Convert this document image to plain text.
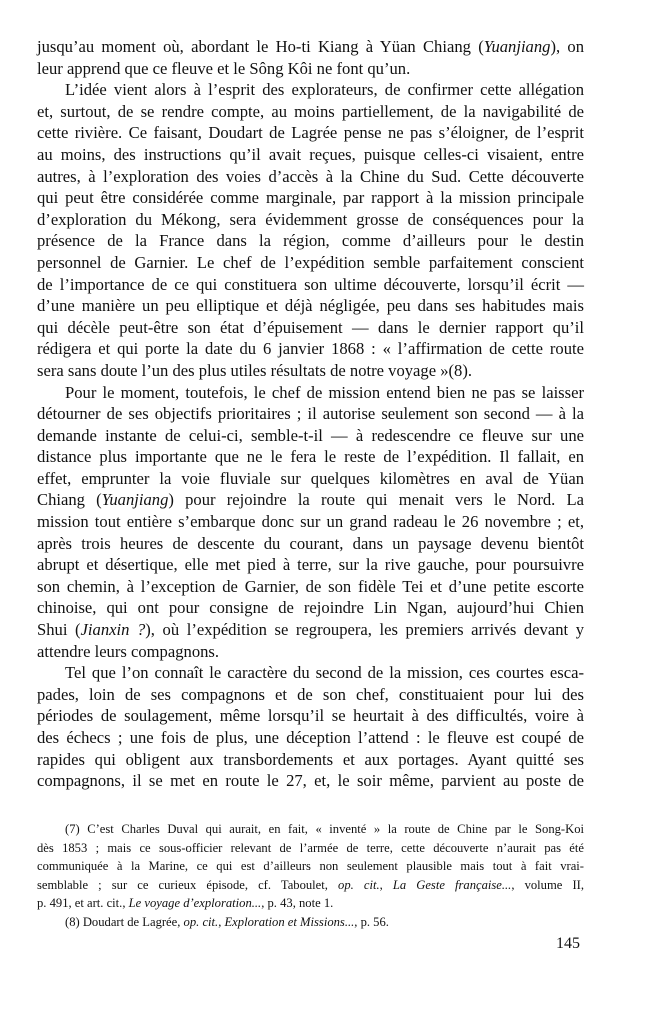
jusqu’au moment où, abordant le Ho-ti Kiang à Yüan Chiang (Yuanjiang), on
leur apprend que ce fleuve et le Sông Kôi ne font qu’un.
L’idée vient alors à l’esprit des explorateurs, de confirmer cette allégation
et, surtout, de se rendre compte, au moins partiellement, de la navigabilité de
cette rivière. Ce faisant, Doudart de Lagrée pense ne pas s’éloigner, de l’esprit
au moins, des instructions qu’il avait reçues, puisque celles-ci visaient, entre
autres, à l’exploration des voies d’accès à la Chine du Sud. Cette découverte
qui peut être considérée comme marginale, par rapport à la mission principale
d’exploration du Mékong, sera évidemment grosse de conséquences pour la
présence de la France dans la région, comme d’ailleurs pour le destin
personnel de Garnier. Le chef de l’expédition semble parfaitement conscient
de l’importance de ce qui constituera son ultime découverte, lorsqu’il écrit —
d’une manière un peu elliptique et déjà négligée, peu dans ses habitudes mais
qui décèle peut-être son état d’épuisement — dans le dernier rapport qu’il
rédigera et qui porte la date du 6 janvier 1868 : « l’affirmation de cette route
sera sans doute l’un des plus utiles résultats de notre voyage »(8).
Pour le moment, toutefois, le chef de mission entend bien ne pas se laisser
détourner de ses objectifs prioritaires ; il autorise seulement son second — à la
demande instante de celui-ci, semble-t-il — à redescendre ce fleuve sur une
distance plus importante que ne le fera le reste de l’expédition. Il fallait, en
effet, emprunter la voie fluviale sur quelques kilomètres en aval de Yüan
Chiang (Yuanjiang) pour rejoindre la route qui menait vers le Nord. La
mission tout entière s’embarque donc sur un grand radeau le 26 novembre ; et,
après trois heures de descente du courant, dans un paysage devenu bientôt
abrupt et désertique, elle met pied à terre, sur la rive gauche, pour poursuivre
son chemin, à l’exception de Garnier, de son fidèle Tei et d’une petite escorte
chinoise, qui ont pour consigne de rejoindre Lin Ngan, aujourd’hui Chien
Shui (Jianxin ?), où l’expédition se regroupera, les premiers arrivés devant y
attendre leurs compagnons.
Tel que l’on connaît le caractère du second de la mission, ces courtes esca-
pades, loin de ses compagnons et de son chef, constituaient pour lui des
périodes de soulagement, même lorsqu’il se heurtait à des difficultés, voire à
des échecs ; une fois de plus, une déception l’attend : le fleuve est coupé de
rapides qui obligent aux transbordements et aux portages. Ayant quitté ses
compagnons, il se met en route le 27, et, le soir même, parvient au poste de
(7) C’est Charles Duval qui aurait, en fait, « inventé » la route de Chine par le Song-Koi
dès 1853 ; mais ce sous-officier relevant de l’armée de terre, cette découverte n’aurait pas été
communiquée à la Marine, ce qui est d’ailleurs non seulement plausible mais tout à fait vrai-
semblable ; sur ce curieux épisode, cf. Taboulet, op. cit., La Geste française..., volume II,
p. 491, et art. cit., Le voyage d’exploration..., p. 43, note 1.
(8) Doudart de Lagrée, op. cit., Exploration et Missions..., p. 56.
145
